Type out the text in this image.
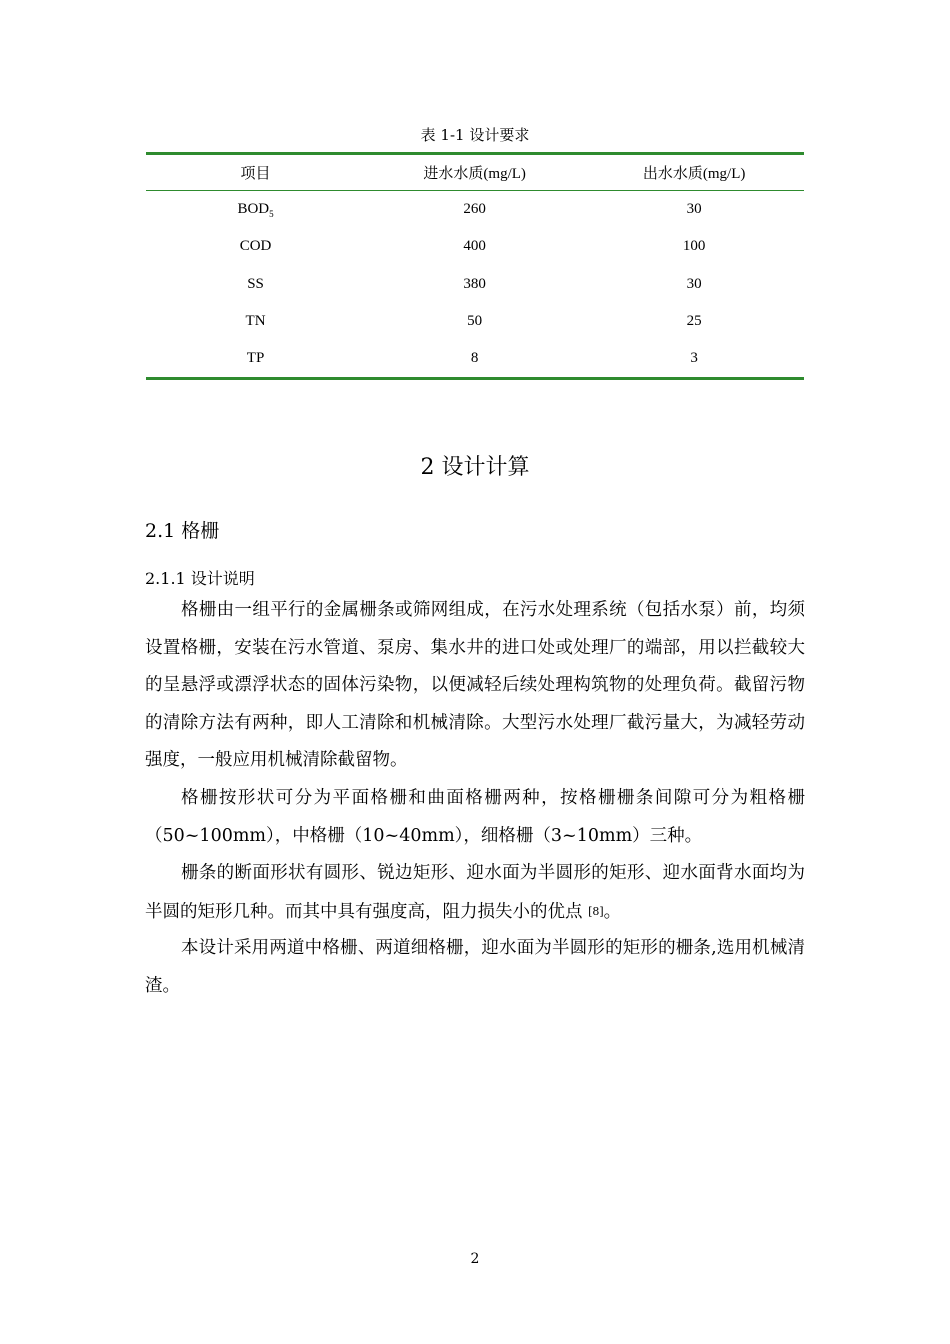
表 1-1 设计要求
项目	进水水质(mg/L)	出水水质(mg/L)
$BOD_5$	260	30
COD	400	100
SS	380	30
TN	50	25
TP	8	3
2 设计计算
2.1 格栅
2.1.1 设计说明

格栅由一组平行的金属栅条或筛网组成，在污水处理系统（包括水泵）前，均须设置格栅，安装在污水管道、泵房、集水井的进口处或处理厂的端部，用以拦截较大的呈悬浮或漂浮状态的固体污染物，以便减轻后续处理构筑物的处理负荷。截留污物的清除方法有两种，即人工清除和机械清除。大型污水处理厂截污量大，为减轻劳动强度，一般应用机械清除截留物。

格栅按形状可分为平面格栅和曲面格栅两种，按格栅栅条间隙可分为粗格栅（50~100mm），中格栅（10~40mm），细格栅（3~10mm）三种。

栅条的断面形状有圆形、锐边矩形、迎水面为半圆形的矩形、迎水面背水面均为半圆的矩形几种。而其中具有强度高，阻力损失小的优点 [8]。

本设计采用两道中格栅、两道细格栅，迎水面为半圆形的矩形的栅条,选用机械清渣。

2
